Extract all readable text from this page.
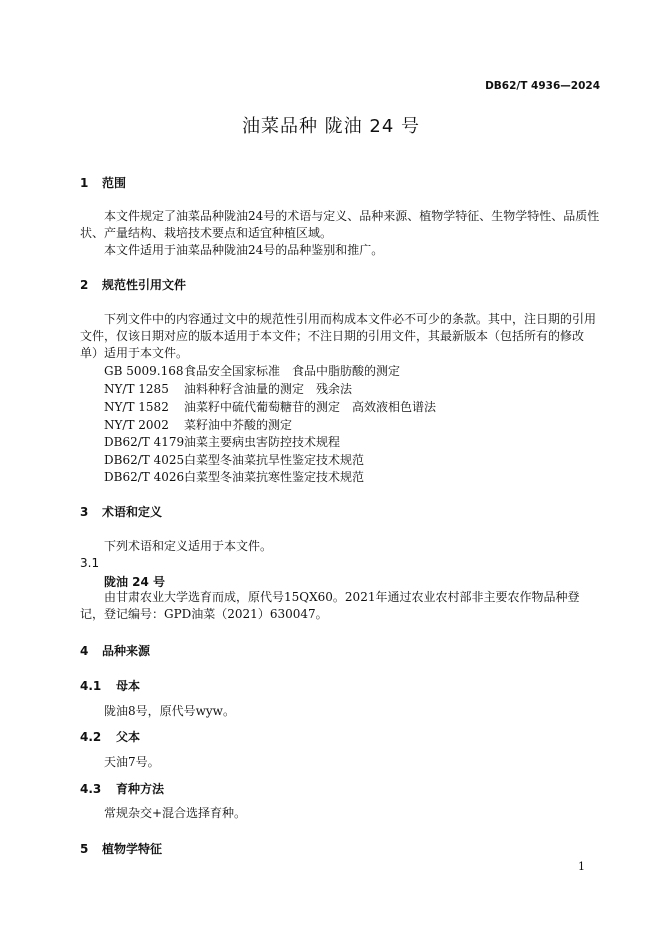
DB62/T 4936—2024
油菜品种 陇油 24 号
1 范围
本文件规定了油菜品种陇油24号的术语与定义、品种来源、植物学特征、生物学特性、品质性状、产量结构、栽培技术要点和适宜种植区域。
本文件适用于油菜品种陇油24号的品种鉴别和推广。
2 规范性引用文件
下列文件中的内容通过文中的规范性引用而构成本文件必不可少的条款。其中，注日期的引用文件，仅该日期对应的版本适用于本文件；不注日期的引用文件，其最新版本（包括所有的修改单）适用于本文件。
GB 5009.168食品安全国家标准　食品中脂肪酸的测定
NY/T 1285 油料种籽含油量的测定　残余法
NY/T 1582 油菜籽中硫代葡萄糖苷的测定　高效液相色谱法
NY/T 2002 菜籽油中芥酸的测定
DB62/T 4179油菜主要病虫害防控技术规程
DB62/T 4025白菜型冬油菜抗旱性鉴定技术规范
DB62/T 4026白菜型冬油菜抗寒性鉴定技术规范
3 术语和定义
下列术语和定义适用于本文件。
3.1
陇油 24 号
由甘肃农业大学选育而成，原代号15QX60。2021年通过农业农村部非主要农作物品种登记，登记编号：GPD油菜（2021）630047。
4 品种来源
4.1 母本
陇油8号，原代号wyw。
4.2 父本
天油7号。
4.3 育种方法
常规杂交+混合选择育种。
5 植物学特征
1
